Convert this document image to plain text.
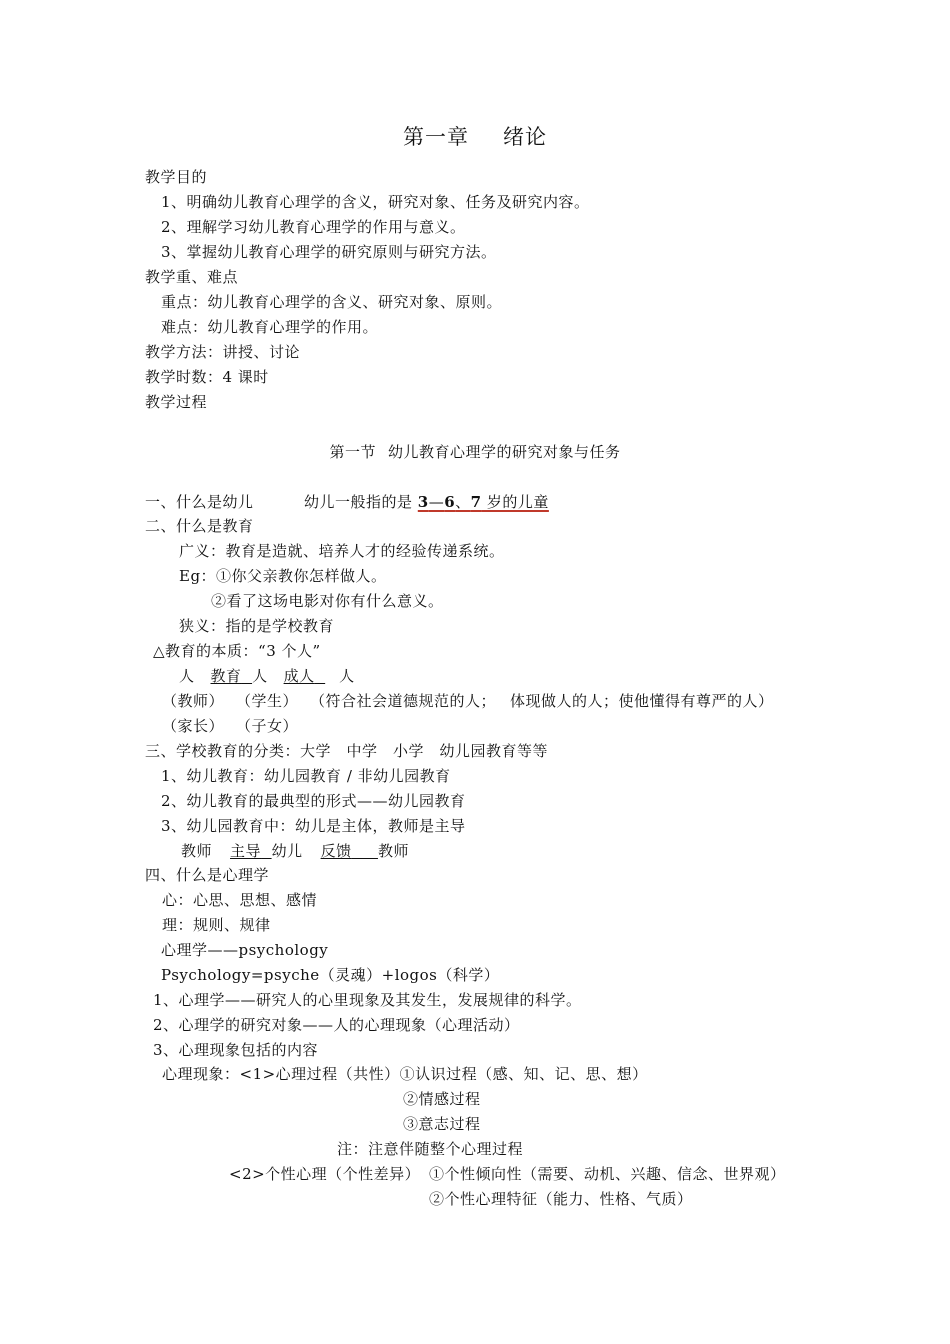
第一章 绪论
教学目的
1、明确幼儿教育心理学的含义，研究对象、任务及研究内容。
2、理解学习幼儿教育心理学的作用与意义。
3、掌握幼儿教育心理学的研究原则与研究方法。
教学重、难点
重点：幼儿教育心理学的含义、研究对象、原则。
难点：幼儿教育心理学的作用。
教学方法：讲授、讨论
教学时数：4 课时
教学过程
第一节 幼儿教育心理学的研究对象与任务
一、什么是幼儿	幼儿一般指的是 3—6、7 岁的儿童
二、什么是教育
广义：教育是造就、培养人才的经验传递系统。
Eg：①你父亲教你怎样做人。
②看了这场电影对你有什么意义。
狭义：指的是学校教育
△教育的本质：“3 个人”
人 教育 人 成人 人
（教师） （学生） （符合社会道德规范的人； 体现做人的人；使他懂得有尊严的人）
（家长） （子女）
三、学校教育的分类：大学　中学　小学　幼儿园教育等等
1、幼儿教育：幼儿园教育 / 非幼儿园教育
2、幼儿教育的最典型的形式——幼儿园教育
3、幼儿园教育中：幼儿是主体，教师是主导
教师 主导 幼儿 反馈 教师
四、什么是心理学
心：心思、思想、感情
理：规则、规律
心理学——psychology
Psychology=psyche（灵魂）+logos（科学）
1、心理学——研究人的心里现象及其发生，发展规律的科学。
2、心理学的研究对象——人的心理现象（心理活动）
3、心理现象包括的内容
心理现象：<1>心理过程（共性）①认识过程（感、知、记、思、想）
②情感过程
③意志过程
注：注意伴随整个心理过程
<2>个性心理（个性差异） ①个性倾向性（需要、动机、兴趣、信念、世界观）
②个性心理特征（能力、性格、气质）
